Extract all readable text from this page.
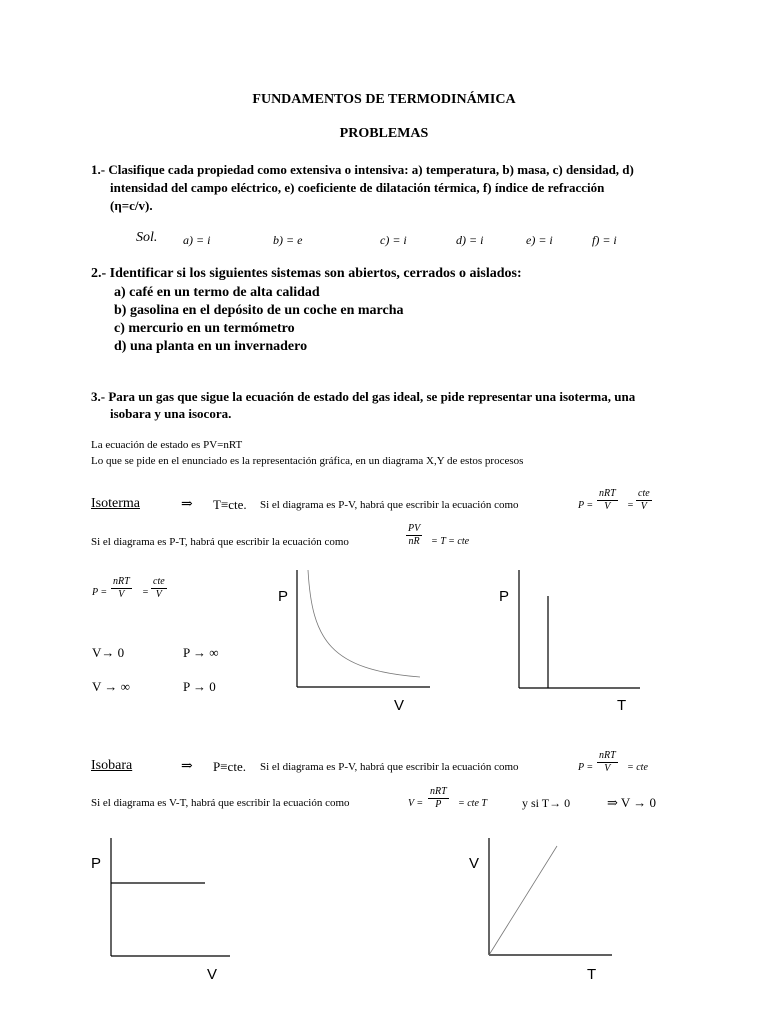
FUNDAMENTOS DE TERMODINÁMICA
PROBLEMAS
1.- Clasifique cada propiedad como extensiva o intensiva: a) temperatura, b) masa, c) densidad, d)
intensidad del campo eléctrico, e) coeficiente de dilatación térmica, f) índice de refracción
(η=c/v).
Sol. a) = i	b) = e	c) = i	d) = i	e) = i	f) = i
2.- Identificar si los siguientes sistemas son abiertos, cerrados o aislados:
a) café en un termo de alta calidad
b) gasolina en el depósito de un coche en marcha
c) mercurio en un termómetro
d) una planta en un invernadero
3.- Para un gas que sigue la ecuación de estado del gas ideal, se pide representar una isoterma, una
isobara y una isocora.
La ecuación de estado es PV=nRT
Lo que se pide en el enunciado es la representación gráfica, en un diagrama X,Y de estos procesos
Isoterma	⇒ T≡cte. Si el diagrama es P-V, habrá que escribir la ecuación como	P =
nRT
V =
cte
V
Si el diagrama es P-T, habrá que escribir la ecuación como	$\frac{PV}{nR} = T$ = cte
P =
nRT
V =
cte
V
V→ 0	P → ∞
V → ∞	P → 0
P
V
P
T
Isobara	⇒ P≡cte. Si el diagrama es P-V, habrá que escribir la ecuación como	P =
nRT
V = cte
Si el diagrama es V-T, habrá que escribir la ecuación como	V =
nRT
P = cte T	y si T→ 0	⇒ V → 0
P
V
V
T
